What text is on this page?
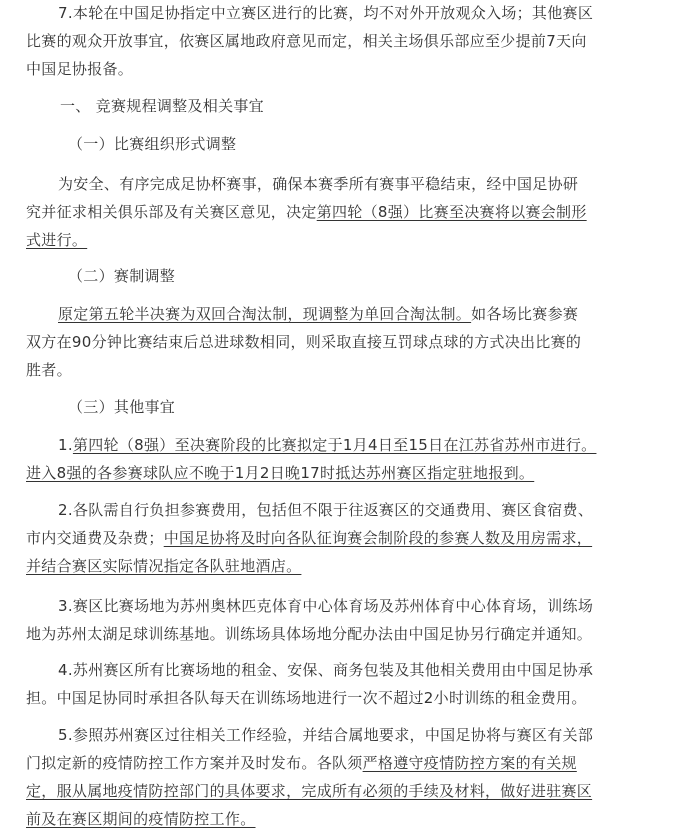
7.本轮在中国足协指定中立赛区进行的比赛，均不对外开放观众入场；其他赛区
比赛的观众开放事宜，依赛区属地政府意见而定，相关主场俱乐部应至少提前7天向
中国足协报备。
一、 竞赛规程调整及相关事宜
（一）比赛组织形式调整
为安全、有序完成足协杯赛事，确保本赛季所有赛事平稳结束，经中国足协研
究并征求相关俱乐部及有关赛区意见，决定第四轮（8强）比赛至决赛将以赛会制形
式进行。
（二）赛制调整
原定第五轮半决赛为双回合淘汰制，现调整为单回合淘汰制。如各场比赛参赛
双方在90分钟比赛结束后总进球数相同，则采取直接互罚球点球的方式决出比赛的
胜者。
（三）其他事宜
1.第四轮（8强）至决赛阶段的比赛拟定于1月4日至15日在江苏省苏州市进行。
进入8强的各参赛球队应不晚于1月2日晚17时抵达苏州赛区指定驻地报到。
2.各队需自行负担参赛费用，包括但不限于往返赛区的交通费用、赛区食宿费、
市内交通费及杂费；中国足协将及时向各队征询赛会制阶段的参赛人数及用房需求，
并结合赛区实际情况指定各队驻地酒店。
3.赛区比赛场地为苏州奥林匹克体育中心体育场及苏州体育中心体育场，训练场
地为苏州太湖足球训练基地。训练场具体场地分配办法由中国足协另行确定并通知。
4.苏州赛区所有比赛场地的租金、安保、商务包装及其他相关费用由中国足协承
担。中国足协同时承担各队每天在训练场地进行一次不超过2小时训练的租金费用。
5.参照苏州赛区过往相关工作经验，并结合属地要求，中国足协将与赛区有关部
门拟定新的疫情防控工作方案并及时发布。各队须严格遵守疫情防控方案的有关规
定，服从属地疫情防控部门的具体要求，完成所有必须的手续及材料，做好进驻赛区
前及在赛区期间的疫情防控工作。
